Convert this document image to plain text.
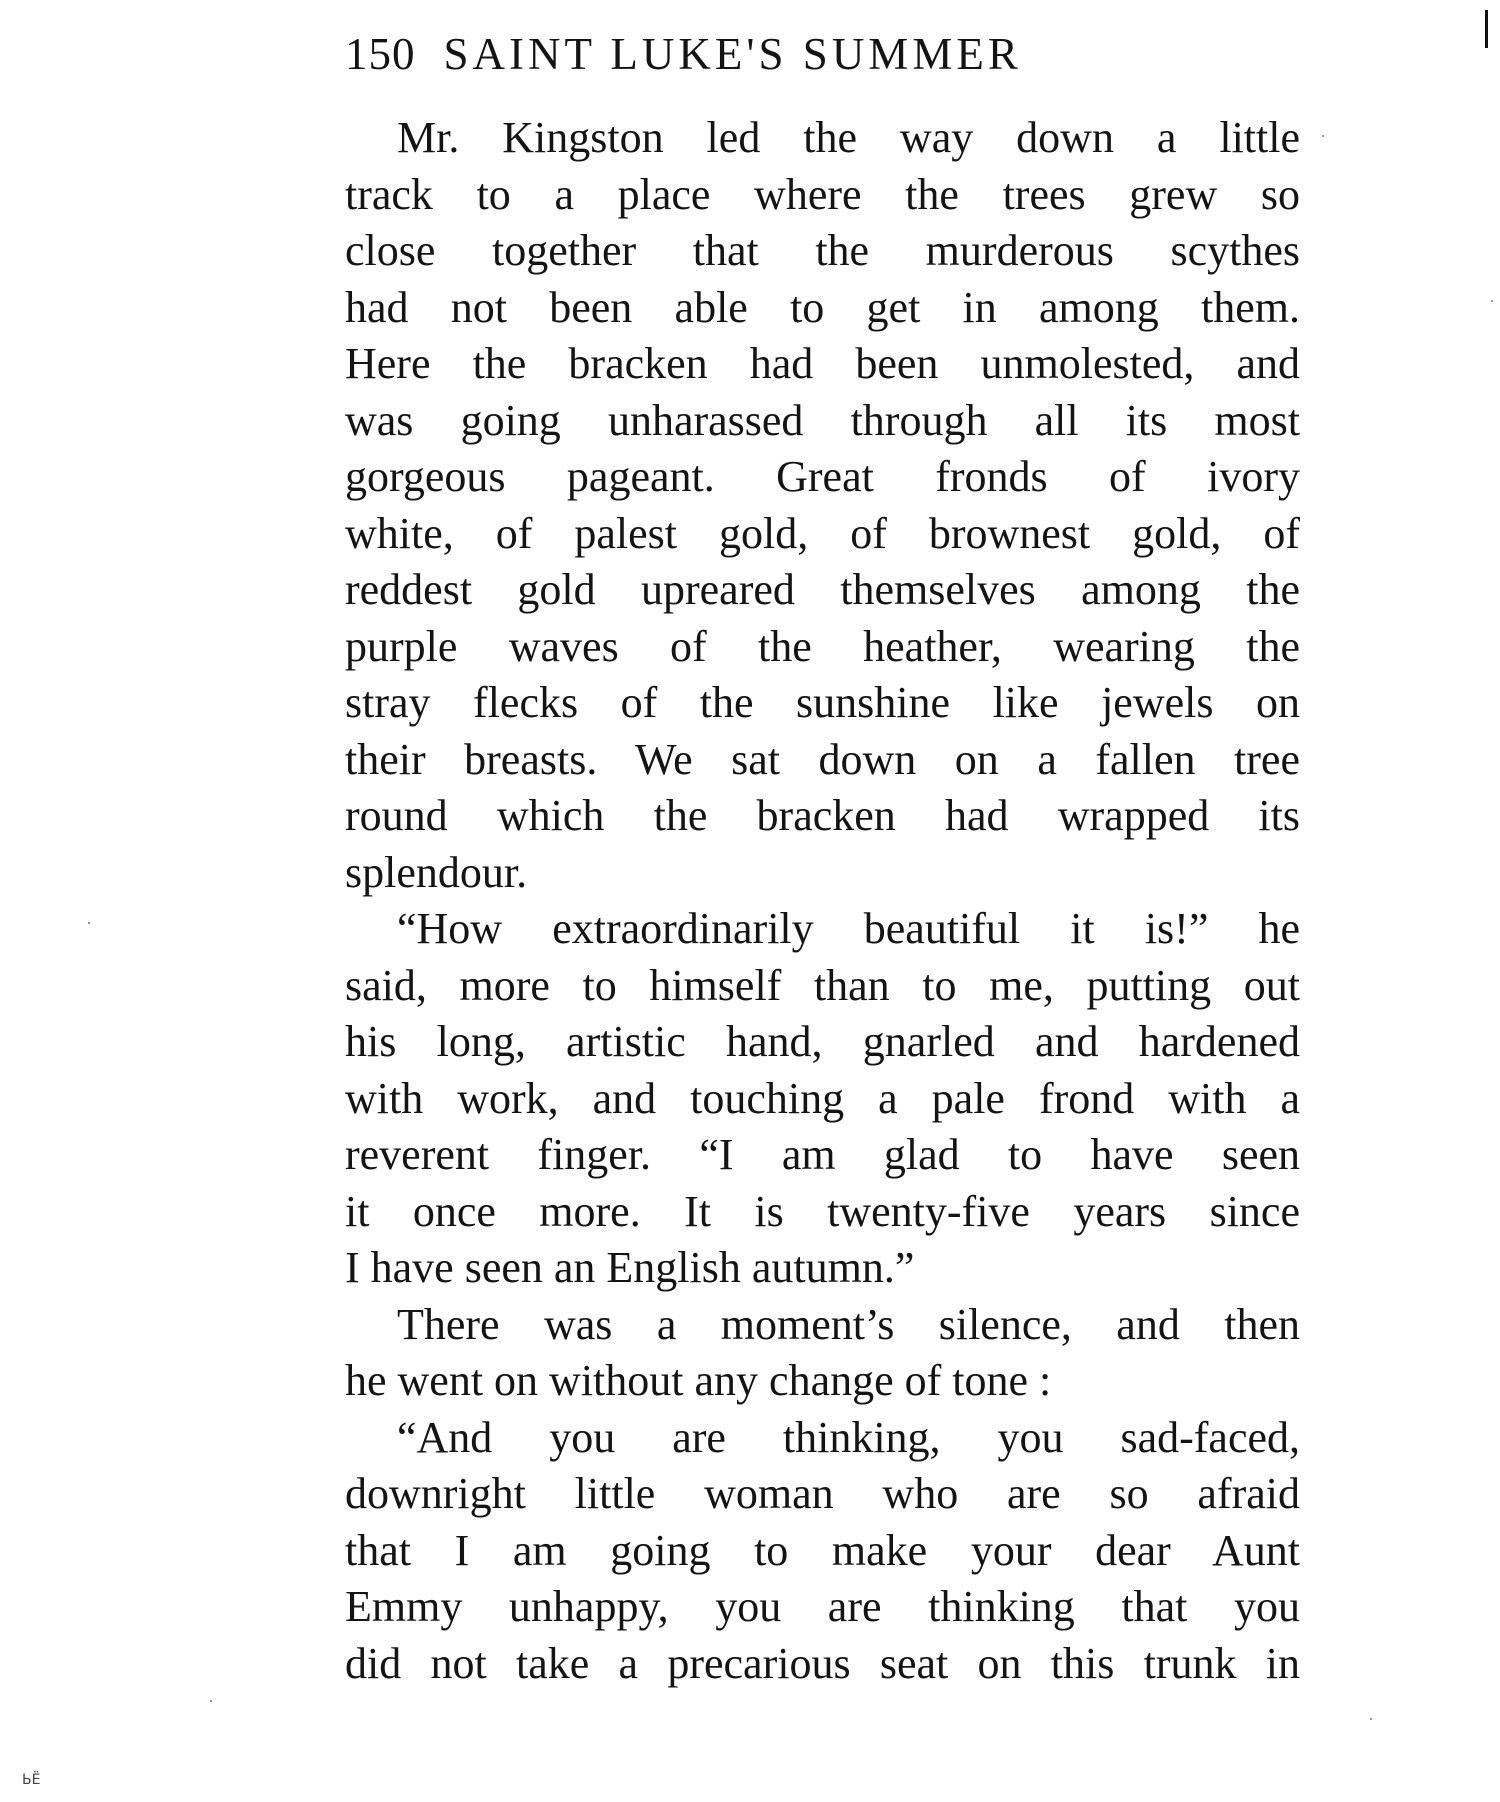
150 SAINT LUKE'S SUMMER
Mr. Kingston led the way down a little
track to a place where the trees grew so
close together that the murderous scythes
had not been able to get in among them.
Here the bracken had been unmolested, and
was going unharassed through all its most
gorgeous pageant. Great fronds of ivory
white, of palest gold, of brownest gold, of
reddest gold upreared themselves among the
purple waves of the heather, wearing the
stray flecks of the sunshine like jewels on
their breasts. We sat down on a fallen tree
round which the bracken had wrapped its
splendour.
“How extraordinarily beautiful it is!” he
said, more to himself than to me, putting out
his long, artistic hand, gnarled and hardened
with work, and touching a pale frond with a
reverent finger. “I am glad to have seen
it once more. It is twenty-five years since
I have seen an English autumn.”
There was a moment’s silence, and then
he went on without any change of tone :
“And you are thinking, you sad-faced,
downright little woman who are so afraid
that I am going to make your dear Aunt
Emmy unhappy, you are thinking that you
did not take a precarious seat on this trunk in
ЬЁ
